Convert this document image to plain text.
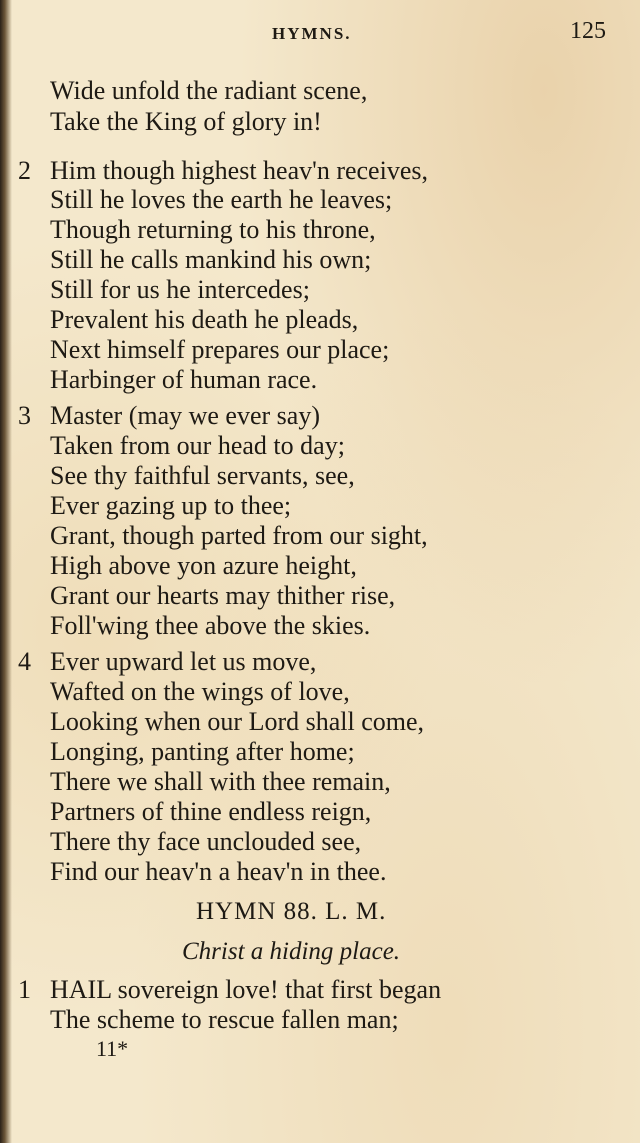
HYMNS.	125
Wide unfold the radiant scene,
Take the King of glory in!
2 Him though highest heav'n receives,
Still he loves the earth he leaves;
Though returning to his throne,
Still he calls mankind his own;
Still for us he intercedes;
Prevalent his death he pleads,
Next himself prepares our place;
Harbinger of human race.
3 Master (may we ever say)
Taken from our head to day;
See thy faithful servants, see,
Ever gazing up to thee;
Grant, though parted from our sight,
High above yon azure height,
Grant our hearts may thither rise,
Foll'wing thee above the skies.
4 Ever upward let us move,
Wafted on the wings of love,
Looking when our Lord shall come,
Longing, panting after home;
There we shall with thee remain,
Partners of thine endless reign,
There thy face unclouded see,
Find our heav'n a heav'n in thee.
HYMN 88. L. M.
Christ a hiding place.
1 HAIL sovereign love! that first began
The scheme to rescue fallen man;
11*
